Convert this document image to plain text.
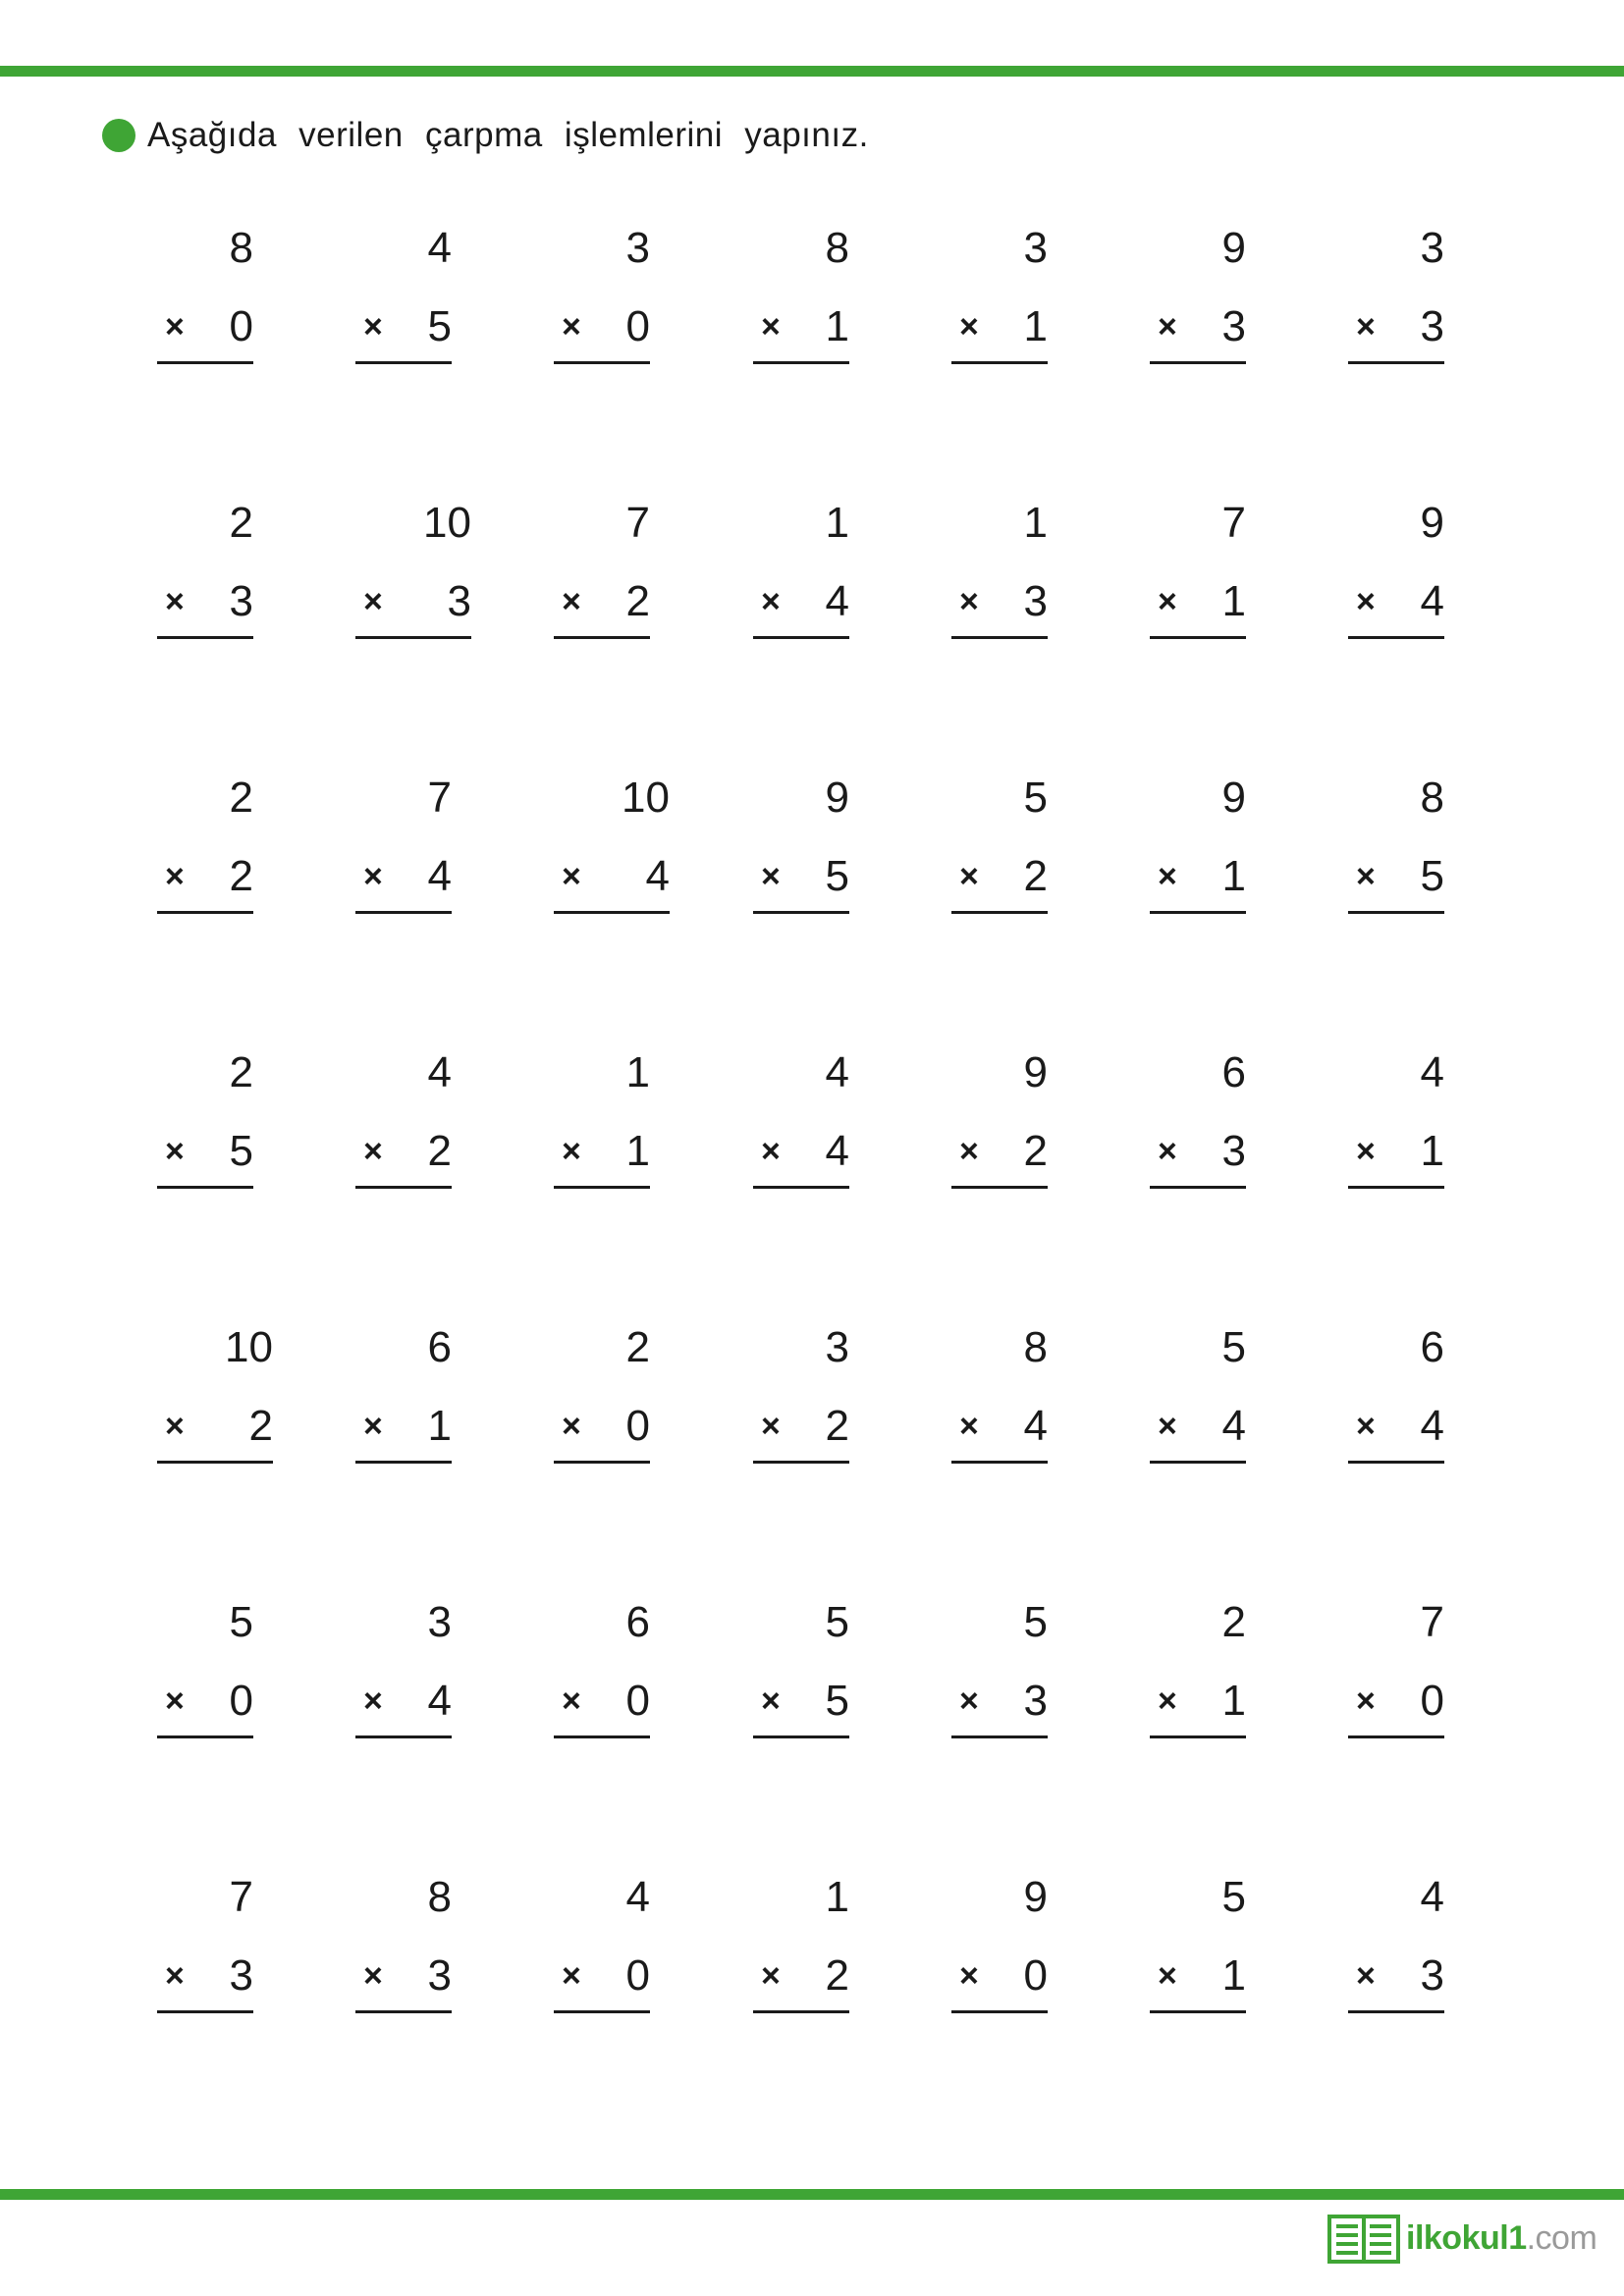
Aşağıda verilen çarpma işlemlerini yapınız.
8
× 0
4
× 5
3
× 0
8
× 1
3
× 1
9
× 3
3
× 3
2
× 3
10
× 3
7
× 2
1
× 4
1
× 3
7
× 1
9
× 4
2
× 2
7
× 4
10
× 4
9
× 5
5
× 2
9
× 1
8
× 5
2
× 5
4
× 2
1
× 1
4
× 4
9
× 2
6
× 3
4
× 1
10
× 2
6
× 1
2
× 0
3
× 2
8
× 4
5
× 4
6
× 4
5
× 0
3
× 4
6
× 0
5
× 5
5
× 3
2
× 1
7
× 0
7
× 3
8
× 3
4
× 0
1
× 2
9
× 0
5
× 1
4
× 3
ilkokul1.com
